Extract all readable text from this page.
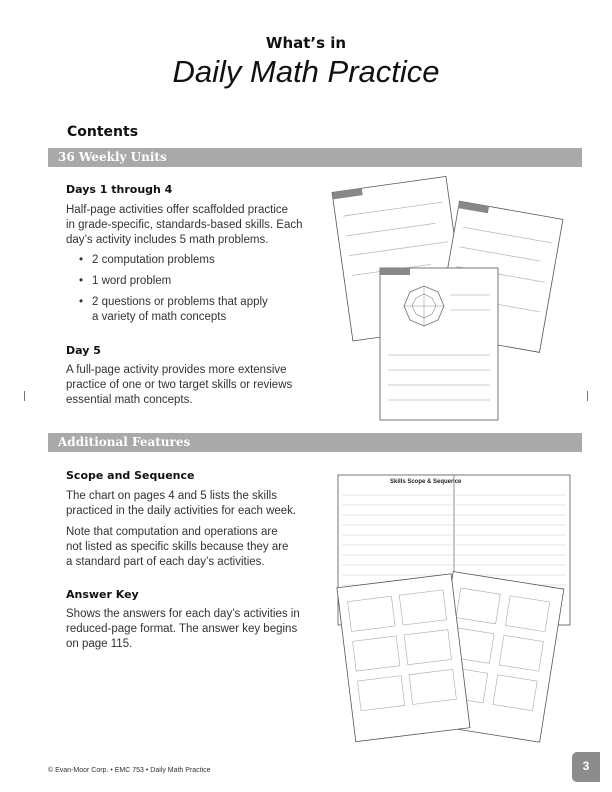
What’s in
Daily Math Practice
Contents
36 Weekly Units
Days 1 through 4
Half-page activities offer scaffolded practice
in grade-specific, standards-based skills. Each
day’s activity includes 5 math problems.
• 2 computation problems
• 1 word problem
• 2 questions or problems that apply
a variety of math concepts
Day 5
A full-page activity provides more extensive
practice of one or two target skills or reviews
essential math concepts.
Additional Features
Scope and Sequence
The chart on pages 4 and 5 lists the skills
practiced in the daily activities for each week.
Note that computation and operations are
not listed as specific skills because they are
a standard part of each day’s activities.
Answer Key
Shows the answers for each day’s activities in
reduced-page format. The answer key begins
on page 115.
Skills Scope & Sequence
© Evan-Moor Corp. • EMC 753 • Daily Math Practice	3
